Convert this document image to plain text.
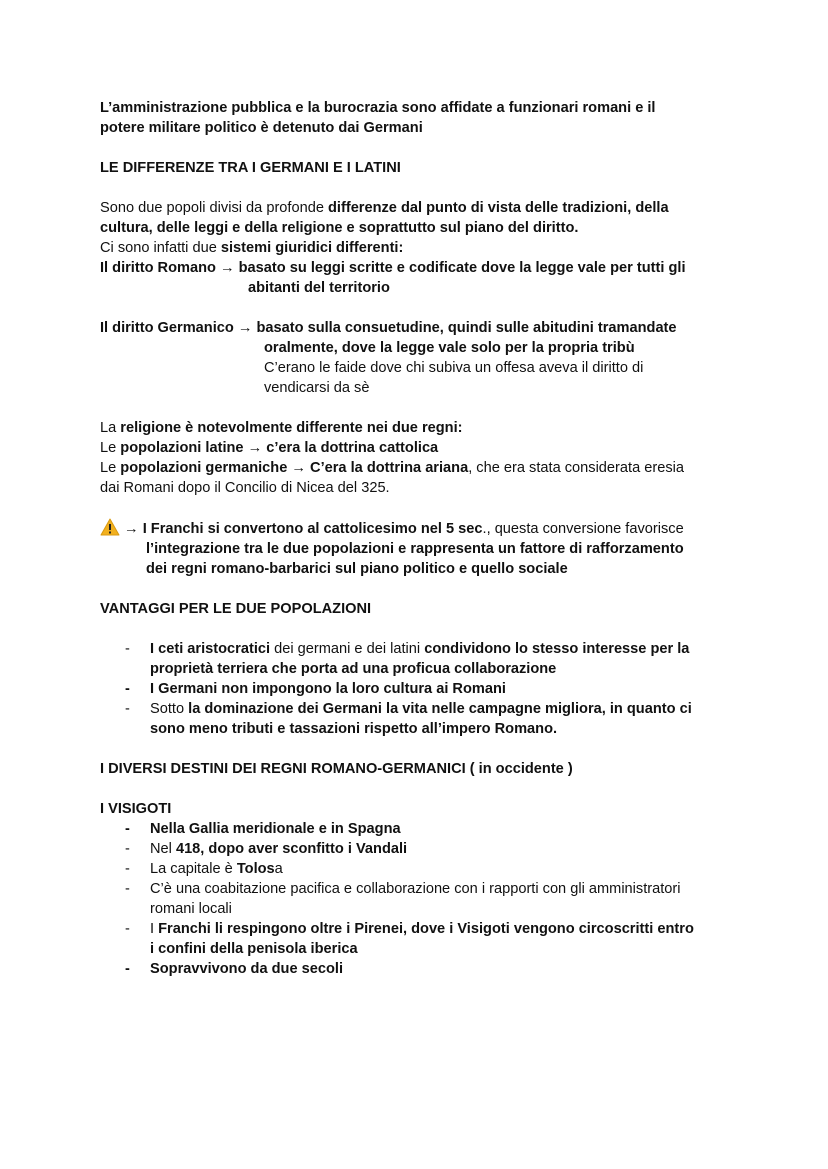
L’amministrazione pubblica e la burocrazia sono affidate a funzionari romani e il
potere militare politico è detenuto dai Germani

LE DIFFERENZE TRA I GERMANI E I LATINI

Sono due popoli divisi da profonde differenze dal punto di vista delle tradizioni, della
cultura, delle leggi e della religione e soprattutto sul piano del diritto.
Ci sono infatti due sistemi giuridici differenti:

Il diritto Romano → basato su leggi scritte e codificate dove la legge vale per tutti gli

abitanti del territorio
Il diritto Germanico → basato sulla consuetudine, quindi sulle abitudini tramandate
oralmente, dove la legge vale solo per la propria tribù
C’erano le faide dove chi subiva un offesa aveva il diritto di
vendicarsi da sè

La religione è notevolmente differente nei due regni:
Le popolazioni latine → c’era la dottrina cattolica
Le popolazioni germaniche → C’era la dottrina ariana, che era stata considerata eresia
dai Romani dopo il Concilio di Nicea del 325.

→ I Franchi si convertono al cattolicesimo nel 5 sec., questa conversione favorisce

l’integrazione tra le due popolazioni e rappresenta un fattore di rafforzamento
dei regni romano-barbarici sul piano politico e quello sociale

VANTAGGI PER LE DUE POPOLAZIONI

- I ceti aristocratici dei germani e dei latini condividono lo stesso interesse per la
proprietà terriera che porta ad una proficua collaborazione
- I Germani non impongono la loro cultura ai Romani
- Sotto la dominazione dei Germani la vita nelle campagne migliora, in quanto ci
sono meno tributi e tassazioni rispetto all’impero Romano.

I DIVERSI DESTINI DEI REGNI ROMANO-GERMANICI ( in occidente )

I VISIGOTI

- Nella Gallia meridionale e in Spagna
- Nel 418, dopo aver sconfitto i Vandali
- La capitale è Tolosa
- C’è una coabitazione pacifica e collaborazione con i rapporti con gli amministratori
romani locali
- I Franchi li respingono oltre i Pirenei, dove i Visigoti vengono circoscritti entro
i confini della penisola iberica
- Sopravvivono da due secoli
